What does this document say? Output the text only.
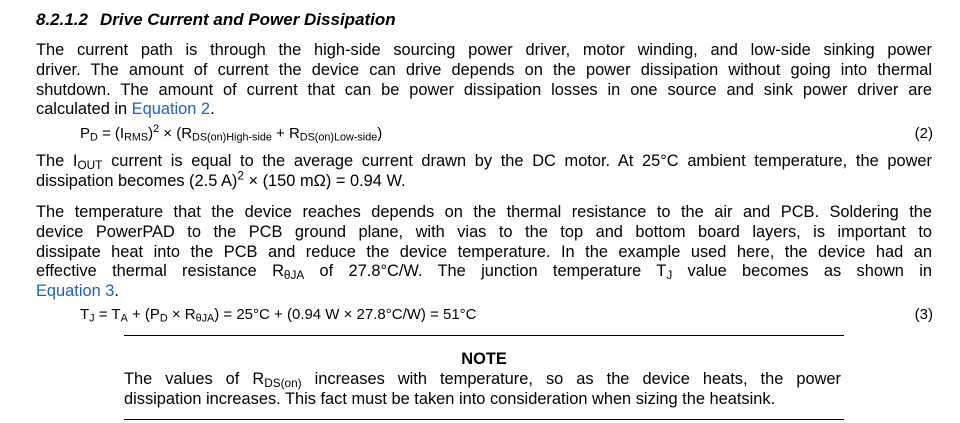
8.2.1.2 Drive Current and Power Dissipation
The current path is through the high-side sourcing power driver, motor winding, and low-side sinking power
driver. The amount of current the device can drive depends on the power dissipation without going into thermal
shutdown. The amount of current that can be power dissipation losses in one source and sink power driver are
calculated in Equation 2.
$P_D = (I_{RMS})^2 \times (R_{DS(on)High-side} + R_{DS(on)Low-side})$	(2)
The $I_{OUT}$ current is equal to the average current drawn by the DC motor. At 25°C ambient temperature, the power
dissipation becomes (2.5 A)$^2$ × (150 mΩ) = 0.94 W.
The temperature that the device reaches depends on the thermal resistance to the air and PCB. Soldering the
device PowerPAD to the PCB ground plane, with vias to the top and bottom board layers, is important to
dissipate heat into the PCB and reduce the device temperature. In the example used here, the device had an
effective thermal resistance $R_{\theta JA}$ of 27.8°C/W. The junction temperature $T_J$ value becomes as shown in
Equation 3.
$T_J = T_A + (P_D \times R_{\theta JA}) = 25^\circ C + (0.94$ W × 27.8°C/W) = 51°C	(3)
NOTE
The values of $R_{DS(on)}$ increases with temperature, so as the device heats, the power
dissipation increases. This fact must be taken into consideration when sizing the heatsink.
